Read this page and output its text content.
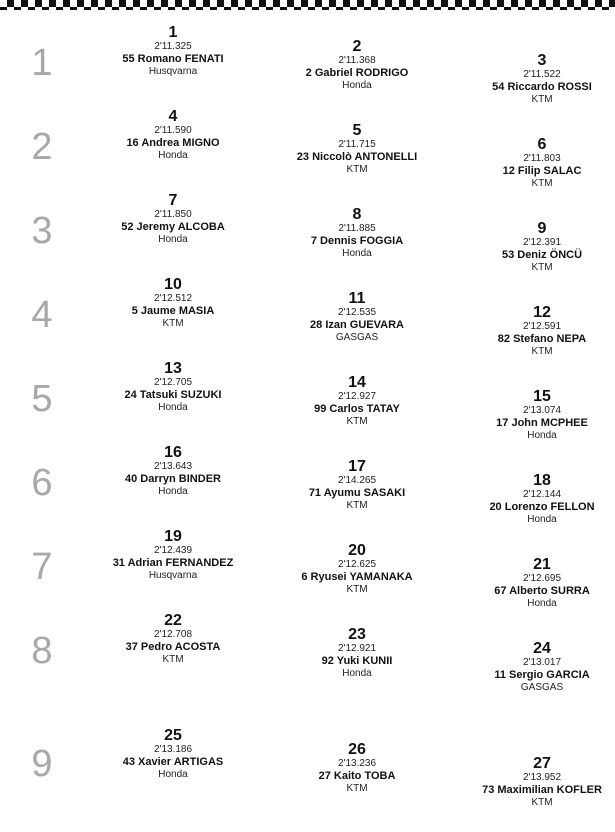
1
2
3
4
5
6
7
8
9
1
2'11.325
55 Romano FENATI
Husqvarna
2
2'11.368
2 Gabriel RODRIGO
Honda
3
2'11.522
54 Riccardo ROSSI
KTM
4
2'11.590
16 Andrea MIGNO
Honda
5
2'11.715
23 Niccolò ANTONELLI
KTM
6
2'11.803
12 Filip SALAC
KTM
7
2'11.850
52 Jeremy ALCOBA
Honda
8
2'11.885
7 Dennis FOGGIA
Honda
9
2'12.391
53 Deniz ÖNCÜ
KTM
10
2'12.512
5 Jaume MASIA
KTM
11
2'12.535
28 Izan GUEVARA
GASGAS
12
2'12.591
82 Stefano NEPA
KTM
13
2'12.705
24 Tatsuki SUZUKI
Honda
14
2'12.927
99 Carlos TATAY
KTM
15
2'13.074
17 John MCPHEE
Honda
16
2'13.643
40 Darryn BINDER
Honda
17
2'14.265
71 Ayumu SASAKI
KTM
18
2'12.144
20 Lorenzo FELLON
Honda
19
2'12.439
31 Adrian FERNANDEZ
Husqvarna
20
2'12.625
6 Ryusei YAMANAKA
KTM
21
2'12.695
67 Alberto SURRA
Honda
22
2'12.708
37 Pedro ACOSTA
KTM
23
2'12.921
92 Yuki KUNII
Honda
24
2'13.017
11 Sergio GARCIA
GASGAS
25
2'13.186
43 Xavier ARTIGAS
Honda
26
2'13.236
27 Kaito TOBA
KTM
27
2'13.952
73 Maximilian KOFLER
KTM
